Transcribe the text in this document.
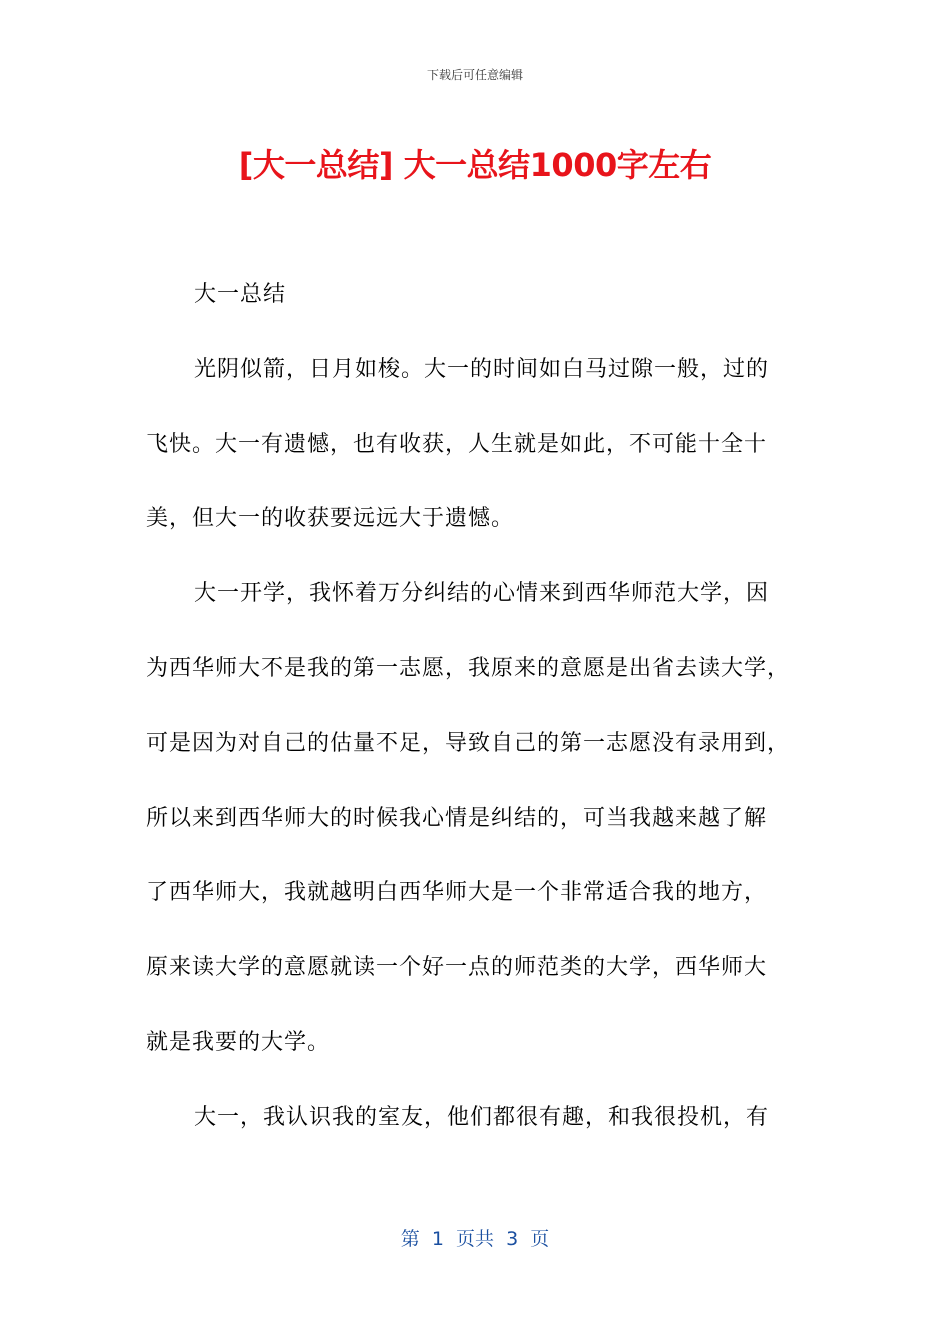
下载后可任意编辑
[大一总结] 大一总结1000字左右
大一总结
光阴似箭，日月如梭。大一的时间如白马过隙一般，过的
飞快。大一有遗憾，也有收获，人生就是如此，不可能十全十
美，但大一的收获要远远大于遗憾。
大一开学，我怀着万分纠结的心情来到西华师范大学，因
为西华师大不是我的第一志愿，我原来的意愿是出省去读大学，
可是因为对自己的估量不足，导致自己的第一志愿没有录用到，
所以来到西华师大的时候我心情是纠结的，可当我越来越了解
了西华师大，我就越明白西华师大是一个非常适合我的地方，
原来读大学的意愿就读一个好一点的师范类的大学，西华师大
就是我要的大学。
大一，我认识我的室友，他们都很有趣，和我很投机，有
第  1  页共  3  页
